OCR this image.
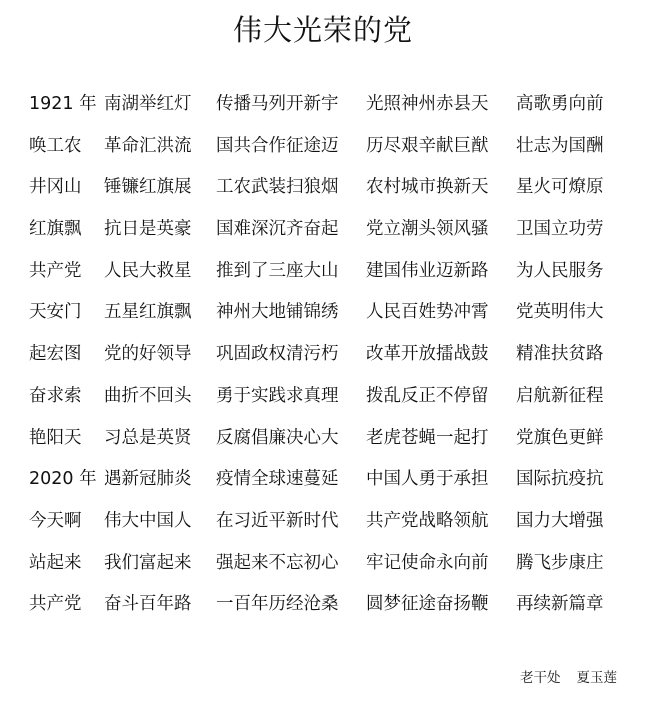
伟大光荣的党
1921 年 南湖举红灯 传播马列开新宇 光照神州赤县天 高歌勇向前
唤工农 革命汇洪流 国共合作征途迈 历尽艰辛献巨猷 壮志为国酬
井冈山 锤镰红旗展 工农武装扫狼烟 农村城市换新天 星火可燎原
红旗飘 抗日是英豪 国难深沉齐奋起 党立潮头领风骚 卫国立功劳
共产党 人民大救星 推到了三座大山 建国伟业迈新路 为人民服务
天安门 五星红旗飘 神州大地铺锦绣 人民百姓势冲霄 党英明伟大
起宏图 党的好领导 巩固政权清污朽 改革开放擂战鼓 精准扶贫路
奋求索 曲折不回头 勇于实践求真理 拨乱反正不停留 启航新征程
艳阳天 习总是英贤 反腐倡廉决心大 老虎苍蝇一起打 党旗色更鲜
2020 年 遇新冠肺炎 疫情全球速蔓延 中国人勇于承担 国际抗疫抗
今天啊 伟大中国人 在习近平新时代 共产党战略领航 国力大增强
站起来 我们富起来 强起来不忘初心 牢记使命永向前 腾飞步康庄
共产党 奋斗百年路 一百年历经沧桑 圆梦征途奋扬鞭 再续新篇章
老干处 夏玉莲
